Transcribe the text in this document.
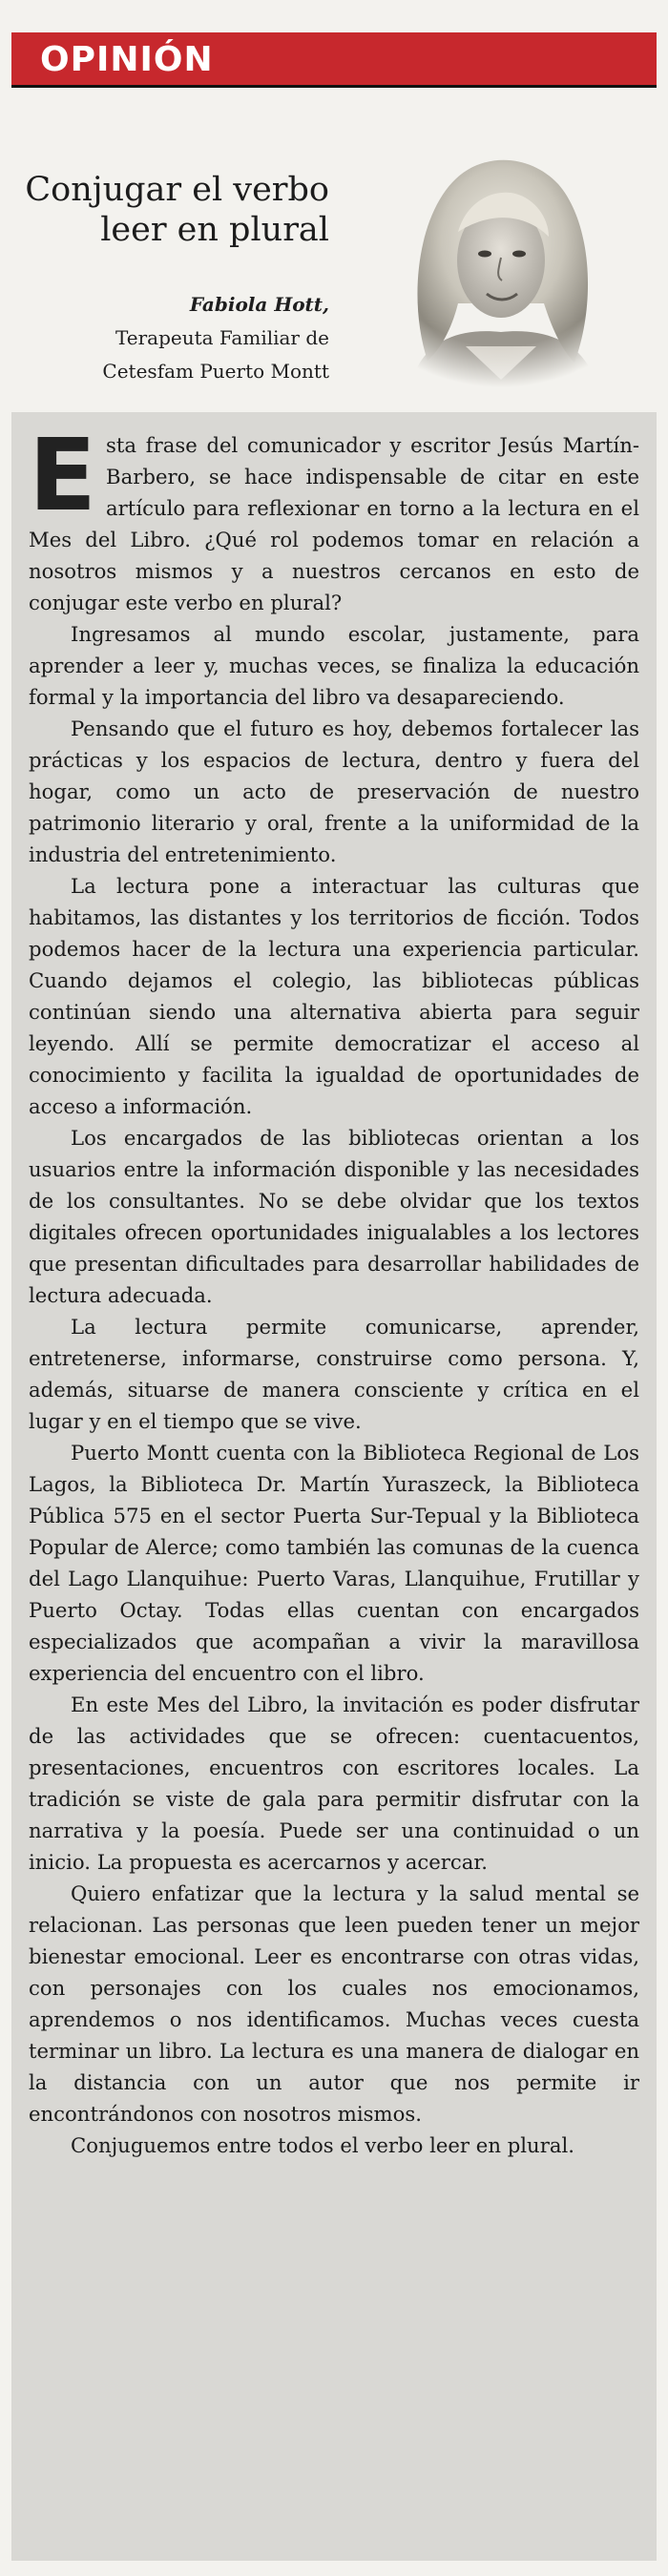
OPINIÓN
Conjugar el verbo
leer en plural
Fabiola Hott,
Terapeuta Familiar de
Cetesfam Puerto Montt

Esta frase del comunicador y escritor Jesús Martín-Barbero, se hace indispensable de citar en este artículo para reflexionar en torno a la lectura en el Mes del Libro. ¿Qué rol podemos tomar en relación a nosotros mismos y a nuestros cercanos en esto de conjugar este verbo en plural?

Ingresamos al mundo escolar, justamente, para aprender a leer y, muchas veces, se finaliza la educación formal y la importancia del libro va desapareciendo.

Pensando que el futuro es hoy, debemos fortalecer las prácticas y los espacios de lectura, dentro y fuera del hogar, como un acto de preservación de nuestro patrimonio literario y oral, frente a la uniformidad de la industria del entretenimiento.

La lectura pone a interactuar las culturas que habitamos, las distantes y los territorios de ficción. Todos podemos hacer de la lectura una experiencia particular. Cuando dejamos el colegio, las bibliotecas públicas continúan siendo una alternativa abierta para seguir leyendo. Allí se permite democratizar el acceso al conocimiento y facilita la igualdad de oportunidades de acceso a información.

Los encargados de las bibliotecas orientan a los usuarios entre la información disponible y las necesidades de los consultantes. No se debe olvidar que los textos digitales ofrecen oportunidades inigualables a los lectores que presentan dificultades para desarrollar habilidades de lectura adecuada.

La lectura permite comunicarse, aprender, entretenerse, informarse, construirse como persona. Y, además, situarse de manera consciente y crítica en el lugar y en el tiempo que se vive.

Puerto Montt cuenta con la Biblioteca Regional de Los Lagos, la Biblioteca Dr. Martín Yuraszeck, la Biblioteca Pública 575 en el sector Puerta Sur-Tepual y la Biblioteca Popular de Alerce; como también las comunas de la cuenca del Lago Llanquihue: Puerto Varas, Llanquihue, Frutillar y Puerto Octay. Todas ellas cuentan con encargados especializados que acompañan a vivir la maravillosa experiencia del encuentro con el libro.

En este Mes del Libro, la invitación es poder disfrutar de las actividades que se ofrecen: cuentacuentos, presentaciones, encuentros con escritores locales. La tradición se viste de gala para permitir disfrutar con la narrativa y la poesía. Puede ser una continuidad o un inicio. La propuesta es acercarnos y acercar.

Quiero enfatizar que la lectura y la salud mental se relacionan. Las personas que leen pueden tener un mejor bienestar emocional. Leer es encontrarse con otras vidas, con personajes con los cuales nos emocionamos, aprendemos o nos identificamos. Muchas veces cuesta terminar un libro. La lectura es una manera de dialogar en la distancia con un autor que nos permite ir encontrándonos con nosotros mismos.

Conjuguemos entre todos el verbo leer en plural.
